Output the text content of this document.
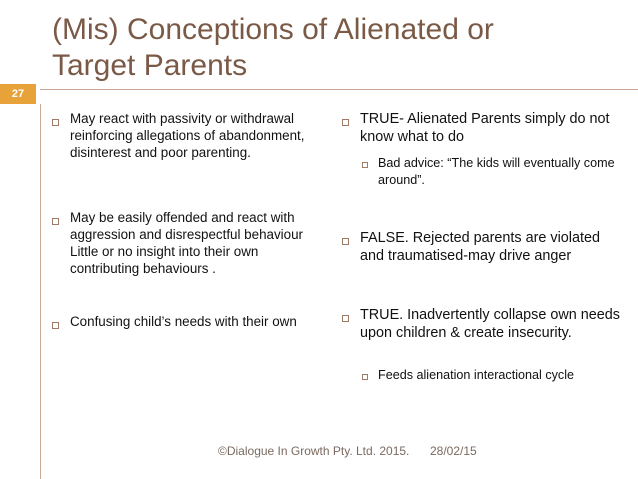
(Mis) Conceptions of Alienated or
Target Parents
27
May react with passivity or withdrawal reinforcing allegations of abandonment, disinterest and poor parenting.
May be easily offended and react with aggression and disrespectful behaviour Little or no insight into their own contributing behaviours .
Confusing child’s needs with their own
TRUE- Alienated Parents simply do not know what to do
Bad advice: “The kids will eventually come around”.
FALSE. Rejected parents are violated and traumatised-may drive anger
TRUE. Inadvertently collapse own needs upon children & create insecurity.
Feeds alienation interactional cycle
©Dialogue In Growth Pty. Ltd. 2015. 28/02/15
